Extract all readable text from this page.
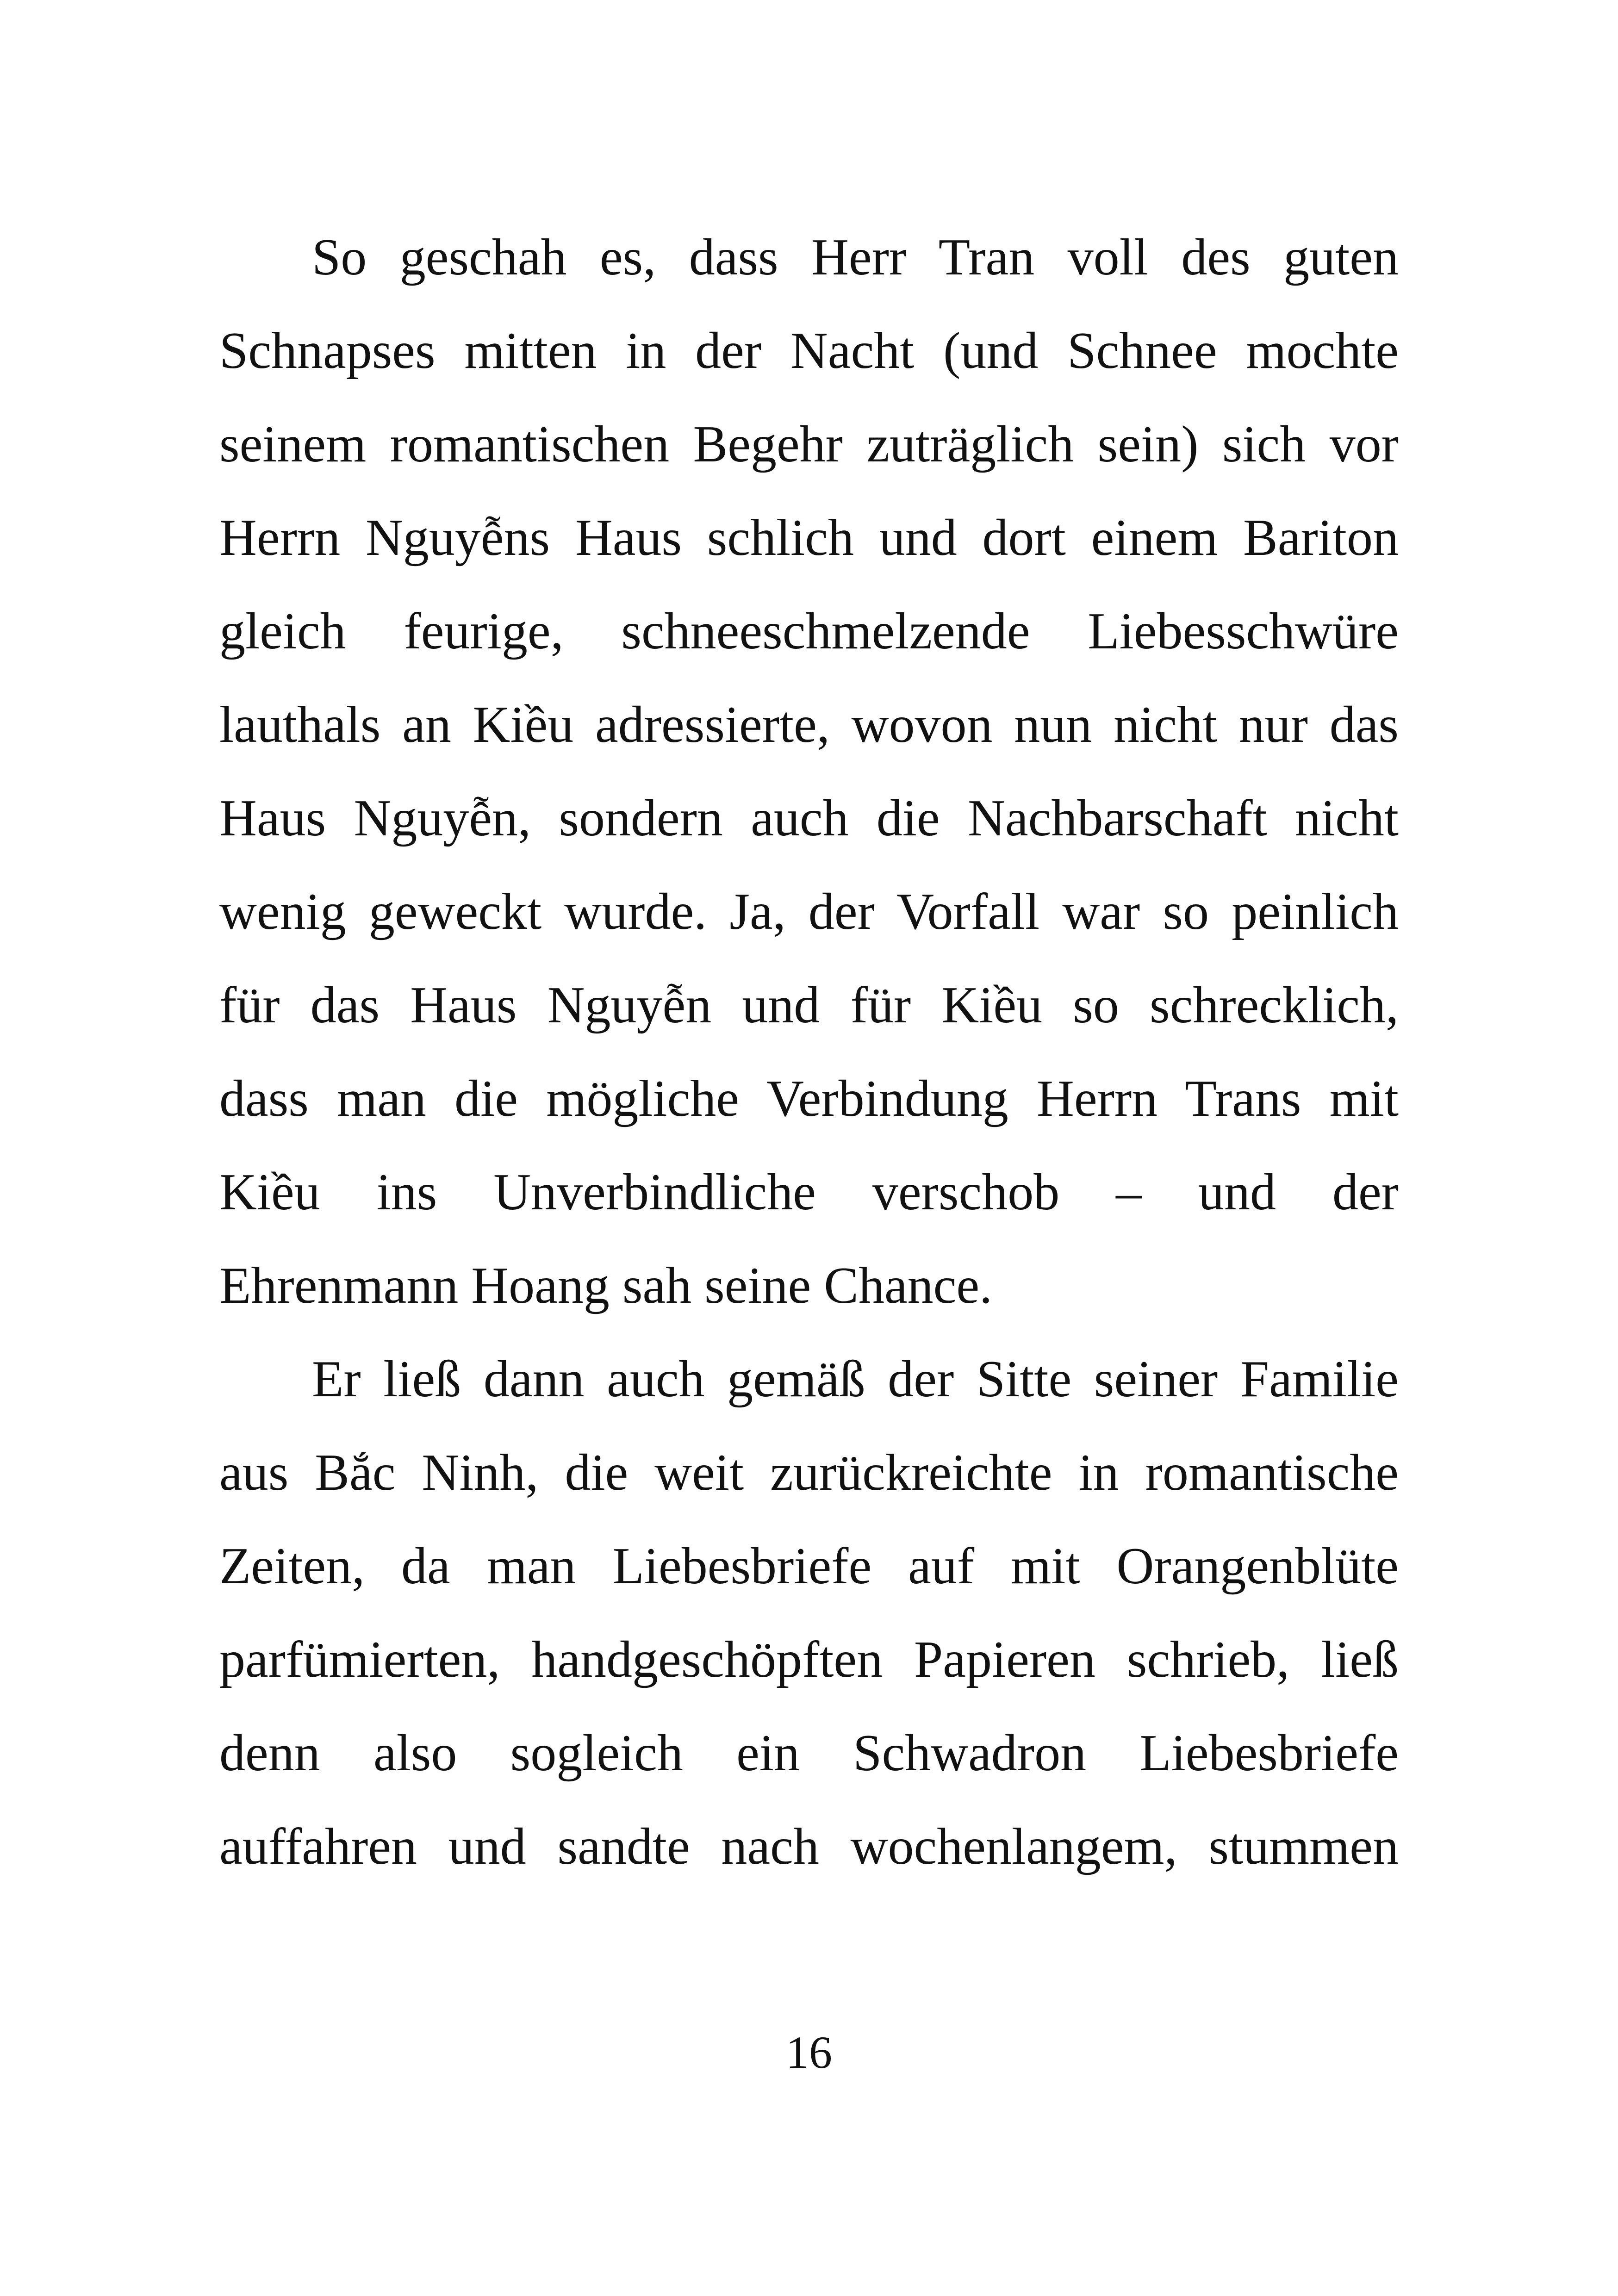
So geschah es, dass Herr Tran voll des guten
Schnapses mitten in der Nacht (und Schnee mochte
seinem romantischen Begehr zuträglich sein) sich vor
Herrn Nguyễns Haus schlich und dort einem Bariton
gleich feurige, schneeschmelzende Liebesschwüre
lauthals an Kiều adressierte, wovon nun nicht nur das
Haus Nguyễn, sondern auch die Nachbarschaft nicht
wenig geweckt wurde. Ja, der Vorfall war so peinlich
für das Haus Nguyễn und für Kiều so schrecklich,
dass man die mögliche Verbindung Herrn Trans mit
Kiều ins Unverbindliche verschob – und der
Ehrenmann Hoang sah seine Chance.
Er ließ dann auch gemäß der Sitte seiner Familie
aus Bắc Ninh, die weit zurückreichte in romantische
Zeiten, da man Liebesbriefe auf mit Orangenblüte
parfümierten, handgeschöpften Papieren schrieb, ließ
denn also sogleich ein Schwadron Liebesbriefe
auffahren und sandte nach wochenlangem, stummen
16
